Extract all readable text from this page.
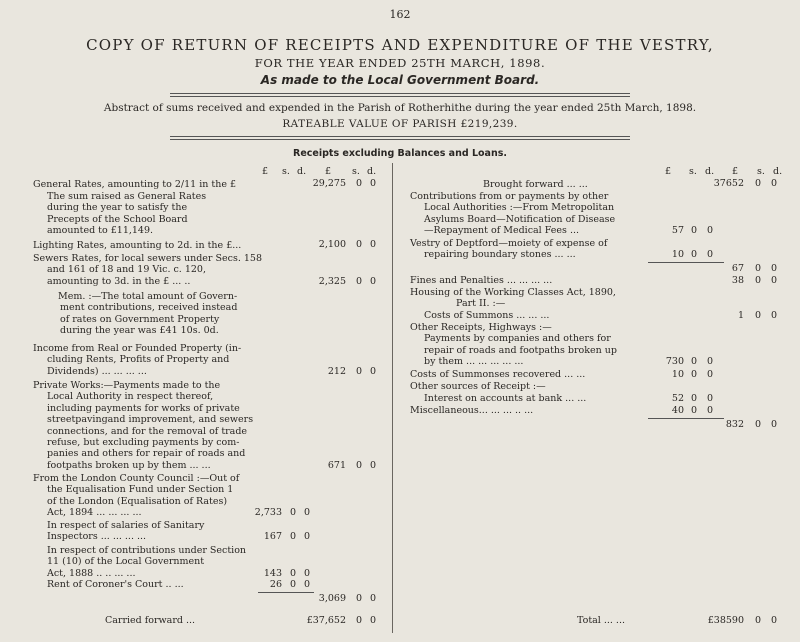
162
COPY OF RETURN OF RECEIPTS AND EXPENDITURE OF THE VESTRY,
FOR THE YEAR ENDED 25TH MARCH, 1898.
As made to the Local Government Board.
Abstract of sums received and expended in the Parish of Rotherhithe during the year ended 25th March, 1898.
RATEABLE VALUE OF PARISH £219,239.
Receipts excluding Balances and Loans.
£ s. d. £ s. d.	£ s. d. £ s. d.
General Rates, amounting to 2/11 in the £	29,275	0 0
The sum raised as General Rates
during the year to satisfy the
Precepts of the School Board
amounted to £11,149.
Lighting Rates, amounting to 2d. in the £...	2,100	0 0
Sewers Rates, for local sewers under Secs. 158
and 161 of 18 and 19 Vic. c. 120,
amounting to 3d. in the £ ... ..	2,325	0 0
Mem. :—The total amount of Govern-
ment contributions, received instead
of rates on Government Property
during the year was £41 10s. 0d.
Income from Real or Founded Property (in-
cluding Rents, Profits of Property and
Dividends) ... ... ... ...	212	0 0
Private Works:—Payments made to the
Local Authority in respect thereof,
including payments for works of private
streetpavingand improvement, and sewers
connections, and for the removal of trade
refuse, but excluding payments by com-
panies and others for repair of roads and
footpaths broken up by them ... ...	671	0 0
From the London County Council :—Out of
the Equalisation Fund under Section 1
of the London (Equalisation of Rates)
Act, 1894 ... ... ... ...	2,733 0 0
In respect of salaries of Sanitary
Inspectors ... ... ... ...	167 0 0
In respect of contributions under Section
11 (10) of the Local Government
Act, 1888 .. .. ... ...	143 0 0
Rent of Coroner's Court .. ...	26 0 0
3,069	0 0
Carried forward ...	£37,652	0 0
Brought forward ... ...	37652	0	0
Contributions from or payments by other
Local Authorities :—From Metropolitan
Asylums Board—Notification of Disease
—Repayment of Medical Fees ...	57 0	0
Vestry of Deptford—moiety of expense of
repairing boundary stones ... ...	10 0	0
67	0	0
Fines and Penalties ... ... ... ...	38	0	0
Housing of the Working Classes Act, 1890,
Part II. :—
Costs of Summons ... ... ...	1	0	0
Other Receipts, Highways :—
Payments by companies and others for
repair of roads and footpaths broken up
by them ... ... ... ... ...	730 0	0
Costs of Summonses recovered ... ...	10 0	0
Other sources of Receipt :—
Interest on accounts at bank ... ...	52 0	0
Miscellaneous... ... ... .. ...	40 0	0
832	0	0
Total ... ...	£38590	0	0
